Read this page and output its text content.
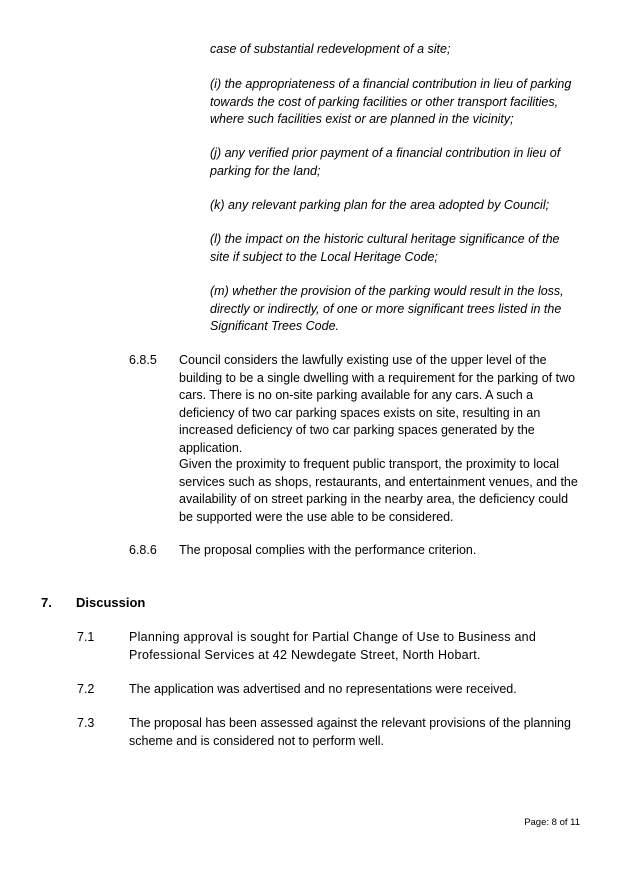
case of substantial redevelopment of a site;

(i) the appropriateness of a financial contribution in lieu of parking towards the cost of parking facilities or other transport facilities, where such facilities exist or are planned in the vicinity;

(j) any verified prior payment of a financial contribution in lieu of parking for the land;

(k) any relevant parking plan for the area adopted by Council;

(l) the impact on the historic cultural heritage significance of the site if subject to the Local Heritage Code;

(m) whether the provision of the parking would result in the loss, directly or indirectly, of one or more significant trees listed in the Significant Trees Code.

6.8.5 Council considers the lawfully existing use of the upper level of the building to be a single dwelling with a requirement for the parking of two cars. There is no on-site parking available for any cars. A such a deficiency of two car parking spaces exists on site, resulting in an increased deficiency of two car parking spaces generated by the application.

Given the proximity to frequent public transport, the proximity to local services such as shops, restaurants, and entertainment venues, and the availability of on street parking in the nearby area, the deficiency could be supported were the use able to be considered.

6.8.6 The proposal complies with the performance criterion.

7. Discussion
7.1	Planning approval is sought for Partial Change of Use to Business and Professional Services at 42 Newdegate Street, North Hobart.

7.2	The application was advertised and no representations were received.

7.3	The proposal has been assessed against the relevant provisions of the planning scheme and is considered not to perform well.

Page: 8 of 11
